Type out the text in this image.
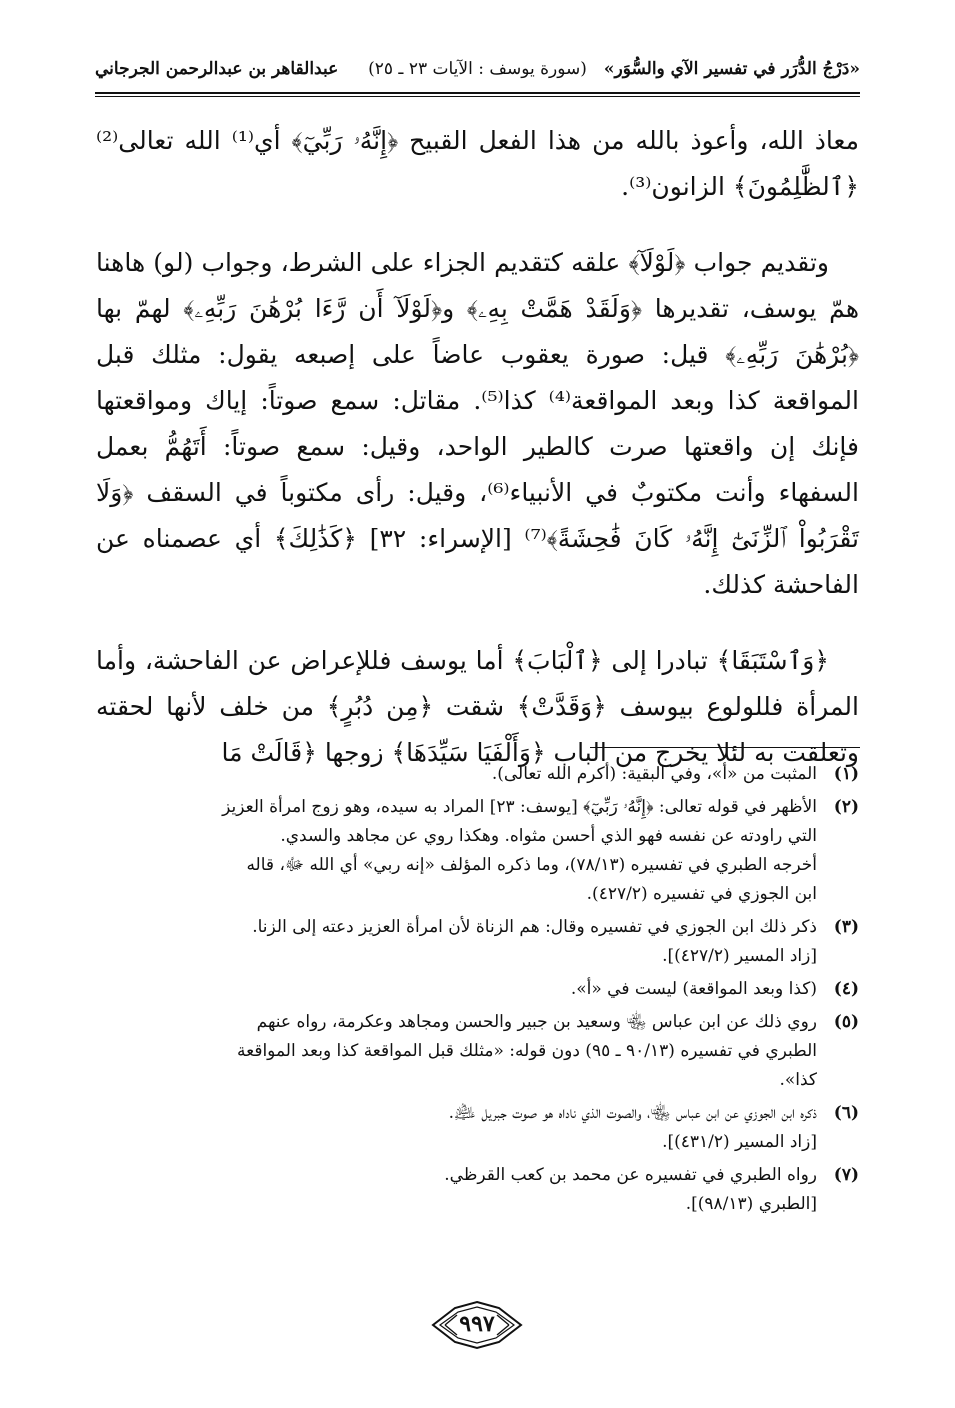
«دَرْجُ الدُّرَر في تفسير الآي والسُّوَر»
(سورة يوسف : الآيات ٢٣ ـ ٢٥)
عبدالقاهر بن عبدالرحمن الجرجاني

معاذ الله، وأعوذ بالله من هذا الفعل القبيح ﴿إِنَّهُۥ رَبِّيٓ﴾ أي⁽¹⁾ الله تعالى⁽²⁾ ﴿ٱلظَّٰلِمُونَ﴾ الزانون⁽³⁾.

وتقديم جواب ﴿لَوْلَآ﴾ علقه كتقديم الجزاء على الشرط، وجواب (لو) هاهنا همّ يوسف، تقديرها ﴿وَلَقَدْ هَمَّتْ بِهِۦ﴾ و﴿لَوْلَآ أَن رَّءَا بُرْهَٰنَ رَبِّهِۦ﴾ لهمّ بها ﴿بُرْهَٰنَ رَبِّهِۦ﴾ قيل: صورة يعقوب عاضاً على إصبعه يقول: مثلك قبل المواقعة كذا وبعد المواقعة⁽⁴⁾ كذا⁽⁵⁾. مقاتل: سمع صوتاً: إياك ومواقعتها فإنك إن واقعتها صرت كالطير الواحد، وقيل: سمع صوتاً: أَتَهُمُّ بعمل السفهاء وأنت مكتوبٌ في الأنبياء⁽⁶⁾، وقيل: رأى مكتوباً في السقف ﴿وَلَا تَقْرَبُواْ ٱلزِّنَىٰٓ إِنَّهُۥ كَانَ فَٰحِشَةً﴾⁽⁷⁾ [الإسراء: ٣٢] ﴿كَذَٰلِكَ﴾ أي عصمناه عن الفاحشة كذلك.

﴿وَٱسْتَبَقَا﴾ تبادرا إلى ﴿ٱلْبَابَ﴾ أما يوسف فللإعراض عن الفاحشة، وأما المرأة فللولوع بيوسف ﴿وَقَدَّتْ﴾ شقت ﴿مِن دُبُرٍ﴾ من خلف لأنها لحقته وتعلقت به لئلا يخرج من الباب ﴿وَأَلْفَيَا سَيِّدَهَا﴾ زوجها ﴿قَالَتْ مَا

(١)
المثبت من «أ»، وفي البقية: (أكرم الله تعالى).
(٢)
الأظهر في قوله تعالى: ﴿إِنَّهُۥ رَبِّيٓ﴾ [يوسف: ٢٣] المراد به سيده، وهو زوج امرأة العزيز
التي راودته عن نفسه فهو الذي أحسن مثواه. وهكذا روي عن مجاهد والسدي.
أخرجه الطبري في تفسيره (٧٨/١٣)، وما ذكره المؤلف «إنه ربي» أي الله ﷻ، قاله
ابن الجوزي في تفسيره (٤٢٧/٢).
(٣)
ذكر ذلك ابن الجوزي في تفسيره وقال: هم الزناة لأن امرأة العزيز دعته إلى الزنا.
[زاد المسير (٤٢٧/٢)].
(٤)
(كذا وبعد المواقعة) ليست في «أ».
(٥)
روي ذلك عن ابن عباس ﵄ وسعيد بن جبير والحسن ومجاهد وعكرمة، رواه عنهم
الطبري في تفسيره (٩٠/١٣ ـ ٩٥) دون قوله: «مثلك قبل المواقعة كذا وبعد المواقعة
كذا».
(٦)
ذكره ابن الجوزي عن ابن عباس ﵄، والصوت الذي ناداه هو صوت جبريل ﵇.
[زاد المسير (٤٣١/٢)].
(٧)
رواه الطبري في تفسيره عن محمد بن كعب القرظي.
[الطبري (٩٨/١٣)].
٩٩٧
